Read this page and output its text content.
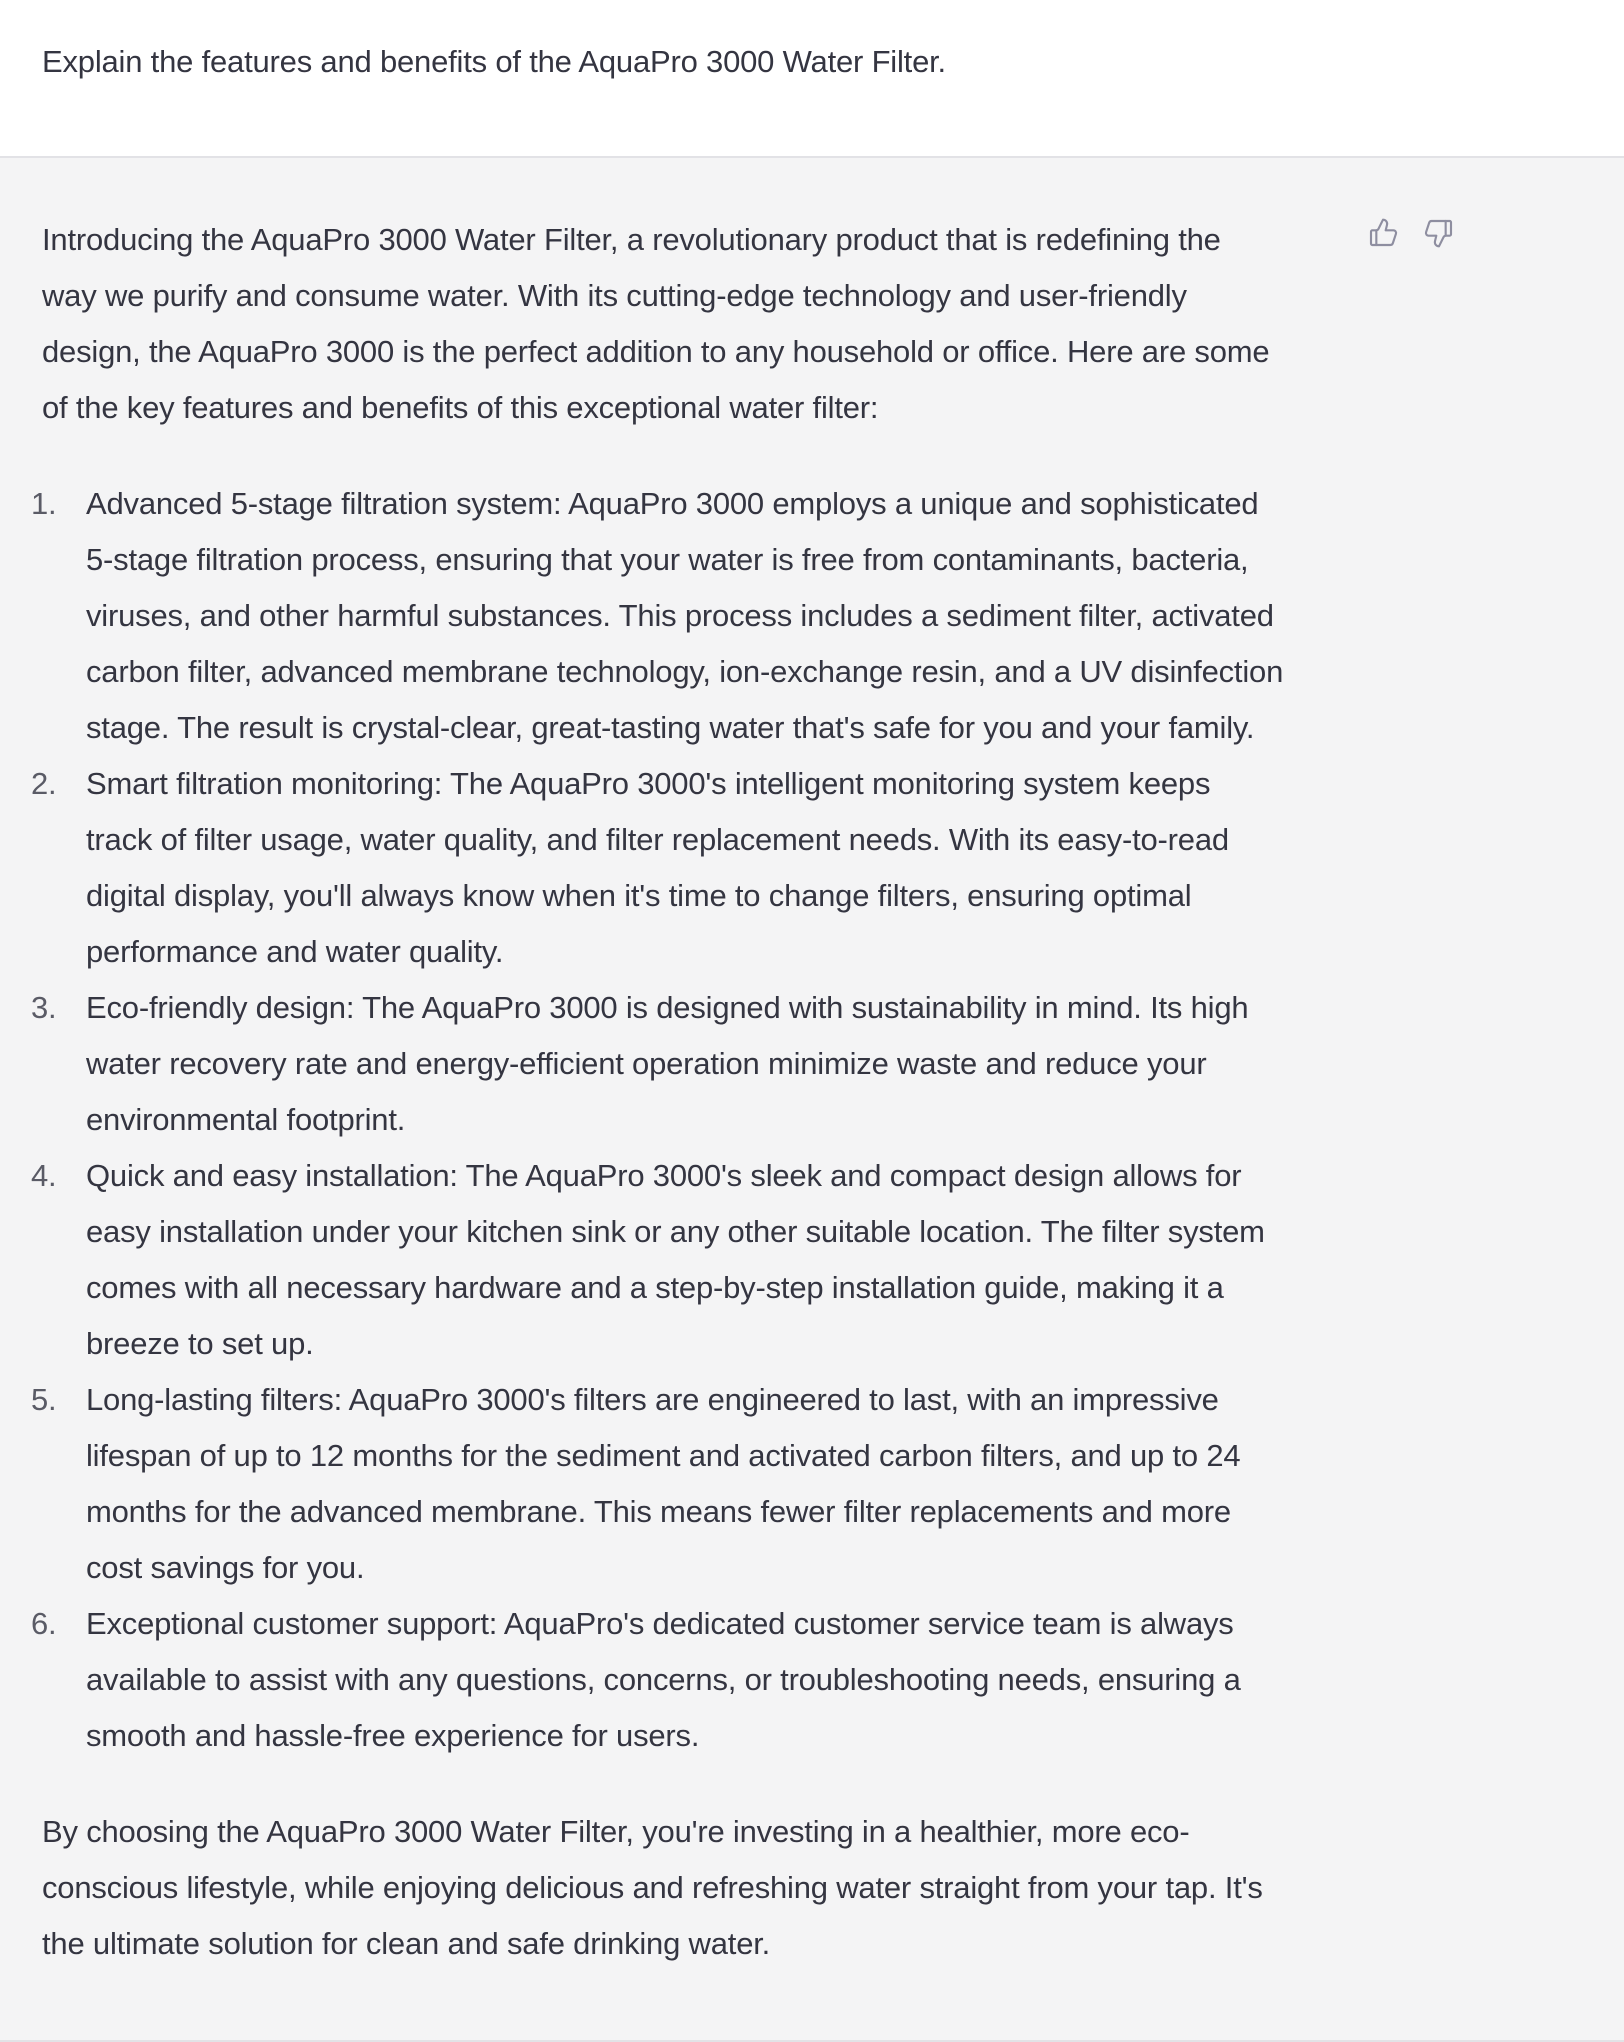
Explain the features and benefits of the AquaPro 3000 Water Filter.

Introducing the AquaPro 3000 Water Filter, a revolutionary product that is redefining the
way we purify and consume water. With its cutting-edge technology and user-friendly
design, the AquaPro 3000 is the perfect addition to any household or office. Here are some
of the key features and benefits of this exceptional water filter:

1. Advanced 5-stage filtration system: AquaPro 3000 employs a unique and sophisticated
5-stage filtration process, ensuring that your water is free from contaminants, bacteria,
viruses, and other harmful substances. This process includes a sediment filter, activated
carbon filter, advanced membrane technology, ion-exchange resin, and a UV disinfection
stage. The result is crystal-clear, great-tasting water that's safe for you and your family.
2. Smart filtration monitoring: The AquaPro 3000's intelligent monitoring system keeps
track of filter usage, water quality, and filter replacement needs. With its easy-to-read
digital display, you'll always know when it's time to change filters, ensuring optimal
performance and water quality.
3. Eco-friendly design: The AquaPro 3000 is designed with sustainability in mind. Its high
water recovery rate and energy-efficient operation minimize waste and reduce your
environmental footprint.
4. Quick and easy installation: The AquaPro 3000's sleek and compact design allows for
easy installation under your kitchen sink or any other suitable location. The filter system
comes with all necessary hardware and a step-by-step installation guide, making it a
breeze to set up.
5. Long-lasting filters: AquaPro 3000's filters are engineered to last, with an impressive
lifespan of up to 12 months for the sediment and activated carbon filters, and up to 24
months for the advanced membrane. This means fewer filter replacements and more
cost savings for you.
6. Exceptional customer support: AquaPro's dedicated customer service team is always
available to assist with any questions, concerns, or troubleshooting needs, ensuring a
smooth and hassle-free experience for users.

By choosing the AquaPro 3000 Water Filter, you're investing in a healthier, more eco-
conscious lifestyle, while enjoying delicious and refreshing water straight from your tap. It's
the ultimate solution for clean and safe drinking water.
